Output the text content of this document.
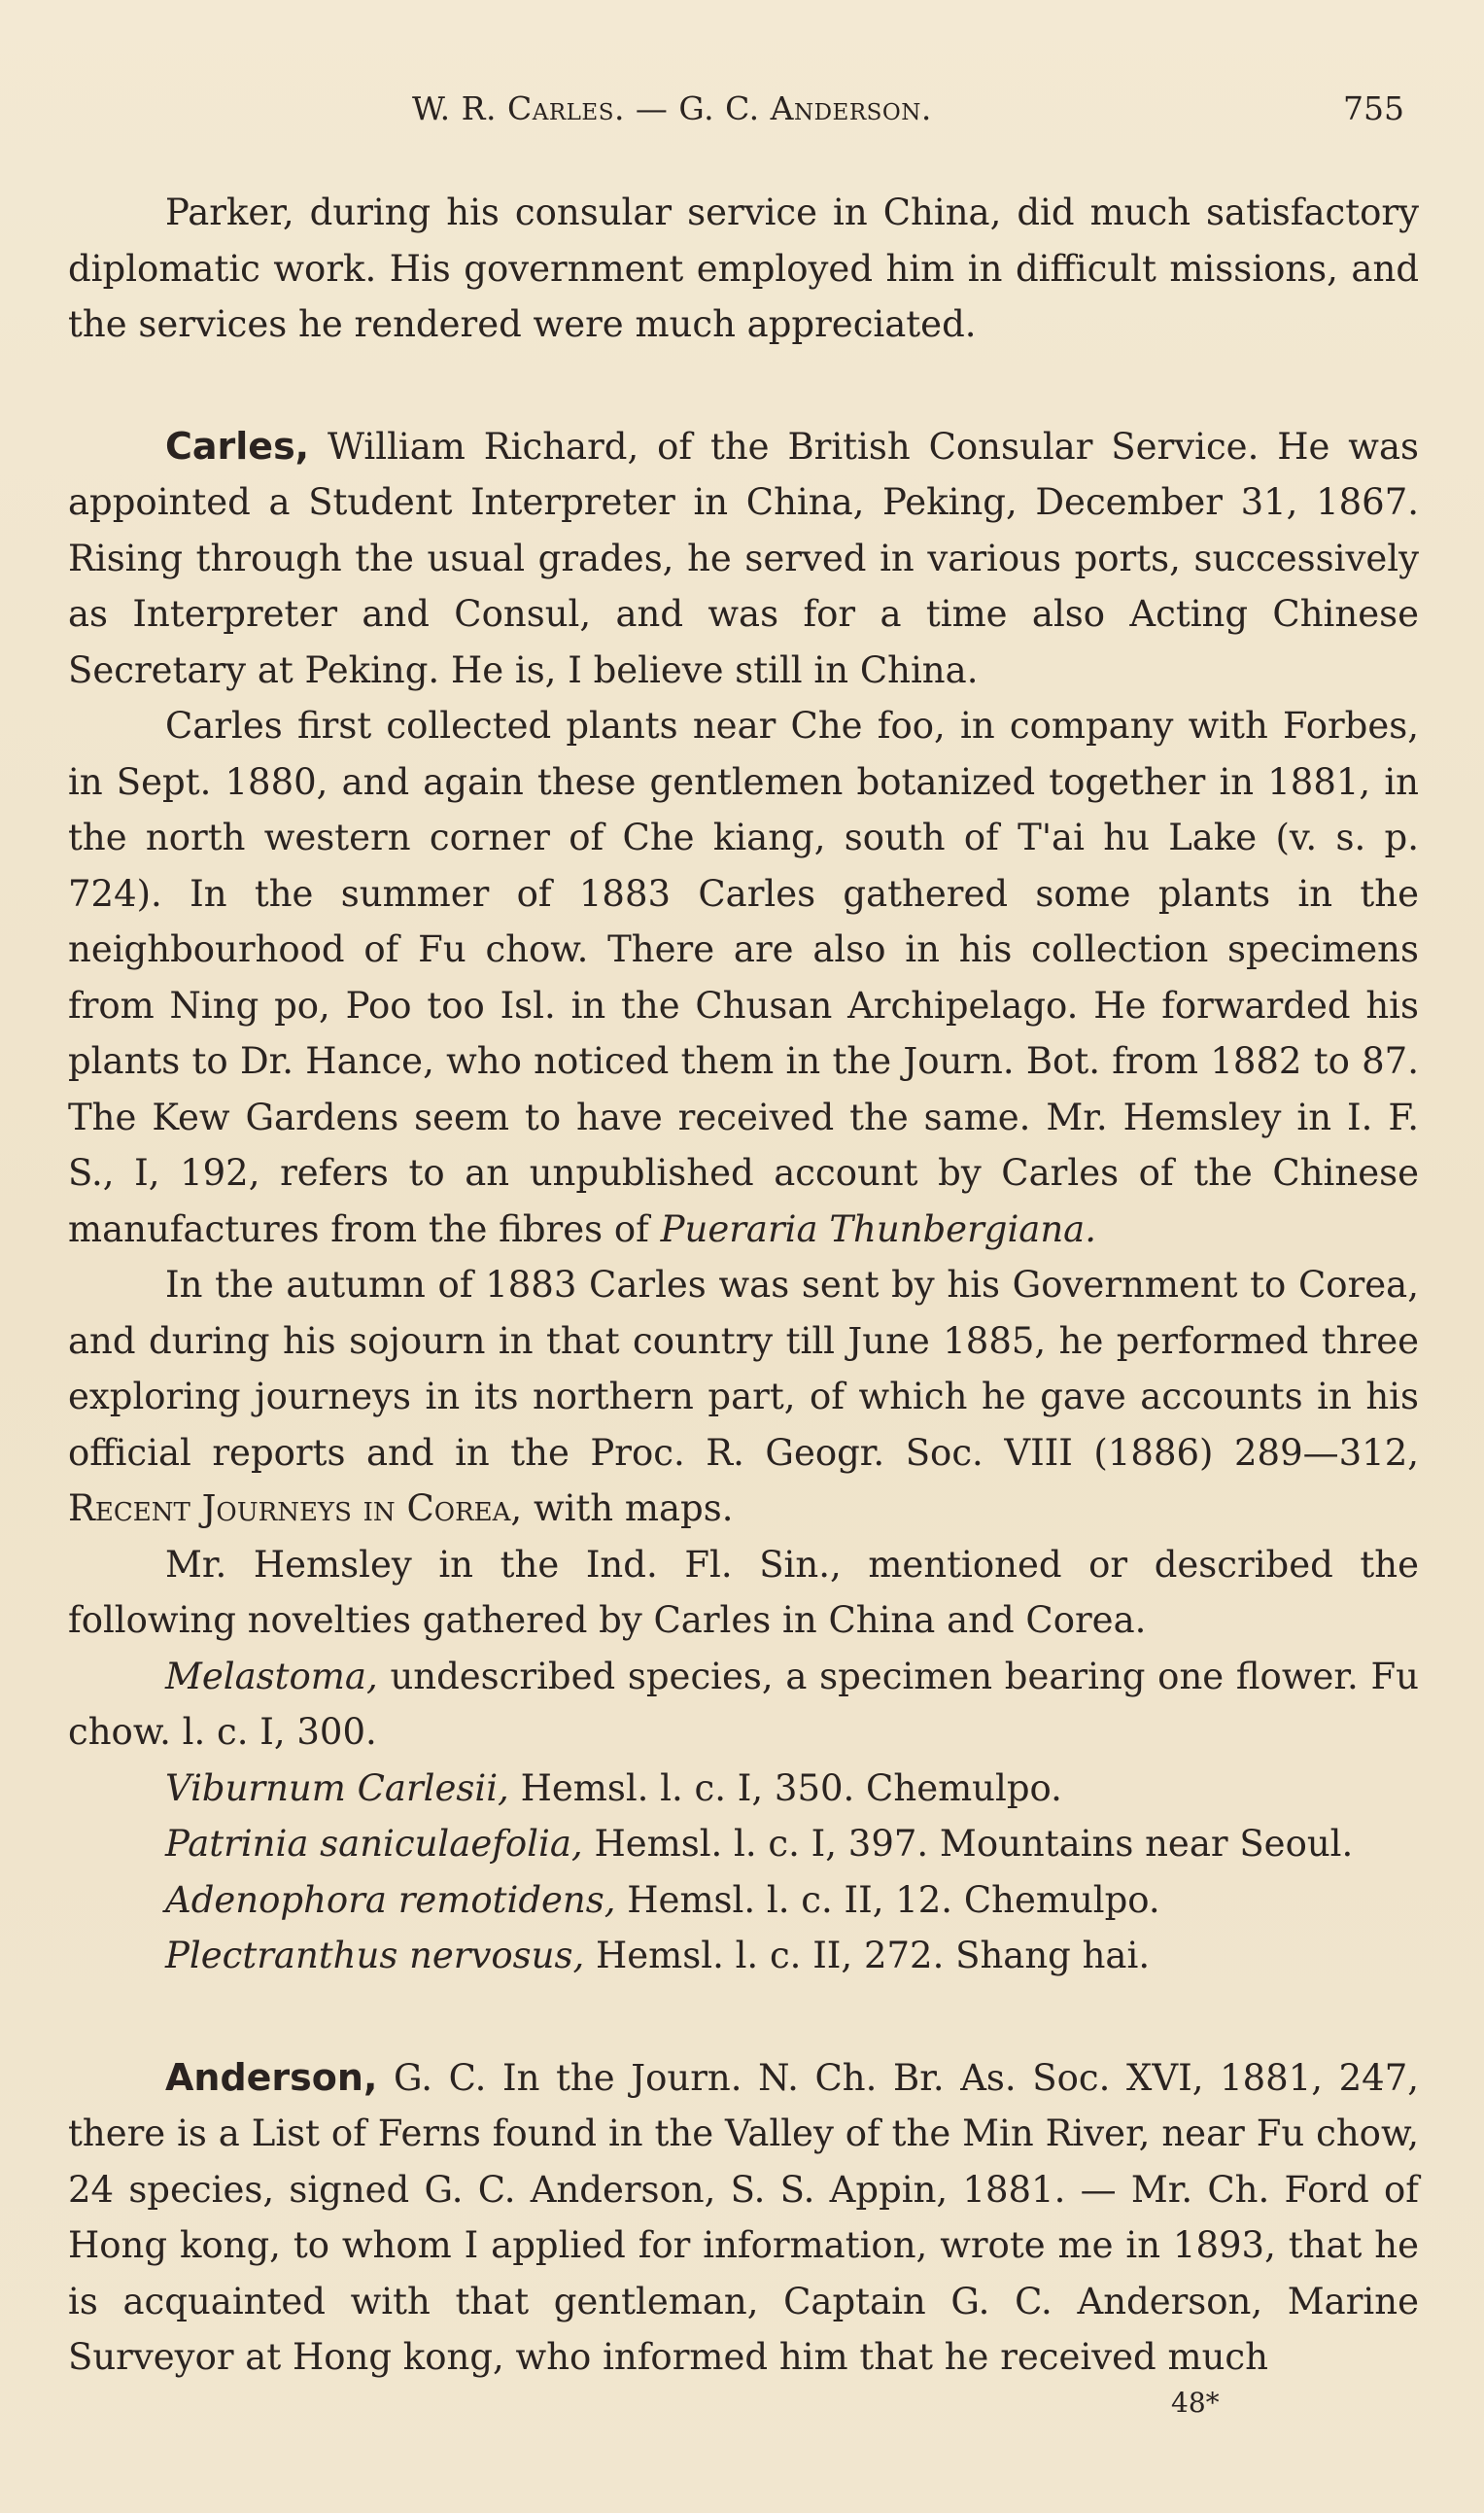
W. R. Carles. — G. C. Anderson.	755

Parker, during his consular service in China, did much satisfactory diplomatic work. His government employed him in difficult missions, and the services he rendered were much appreciated.

Carles, William Richard, of the British Consular Service. He was appointed a Student Interpreter in China, Peking, December 31, 1867. Rising through the usual grades, he served in various ports, successively as Interpreter and Consul, and was for a time also Acting Chinese Secretary at Peking. He is, I believe still in China.

Carles first collected plants near Che foo, in company with Forbes, in Sept. 1880, and again these gentlemen botanized together in 1881, in the north western corner of Che kiang, south of T'ai hu Lake (v. s. p. 724). In the summer of 1883 Carles gathered some plants in the neighbourhood of Fu chow. There are also in his collection specimens from Ning po, Poo too Isl. in the Chusan Archipelago. He forwarded his plants to Dr. Hance, who noticed them in the Journ. Bot. from 1882 to 87. The Kew Gardens seem to have received the same. Mr. Hemsley in I. F. S., I, 192, refers to an unpublished account by Carles of the Chinese manufactures from the fibres of Pueraria Thunbergiana.

In the autumn of 1883 Carles was sent by his Government to Corea, and during his sojourn in that country till June 1885, he performed three exploring journeys in its northern part, of which he gave accounts in his official reports and in the Proc. R. Geogr. Soc. VIII (1886) 289—312, Recent Journeys in Corea, with maps.

Mr. Hemsley in the Ind. Fl. Sin., mentioned or described the following novelties gathered by Carles in China and Corea.

Melastoma, undescribed species, a specimen bearing one flower. Fu chow. l. c. I, 300.

Viburnum Carlesii, Hemsl. l. c. I, 350. Chemulpo.

Patrinia saniculaefolia, Hemsl. l. c. I, 397. Mountains near Seoul.

Adenophora remotidens, Hemsl. l. c. II, 12. Chemulpo.

Plectranthus nervosus, Hemsl. l. c. II, 272. Shang hai.

Anderson, G. C. In the Journ. N. Ch. Br. As. Soc. XVI, 1881, 247, there is a List of Ferns found in the Valley of the Min River, near Fu chow, 24 species, signed G. C. Anderson, S. S. Appin, 1881. — Mr. Ch. Ford of Hong kong, to whom I applied for information, wrote me in 1893, that he is acquainted with that gentleman, Captain G. C. Anderson, Marine Surveyor at Hong kong, who informed him that he received much

48*
